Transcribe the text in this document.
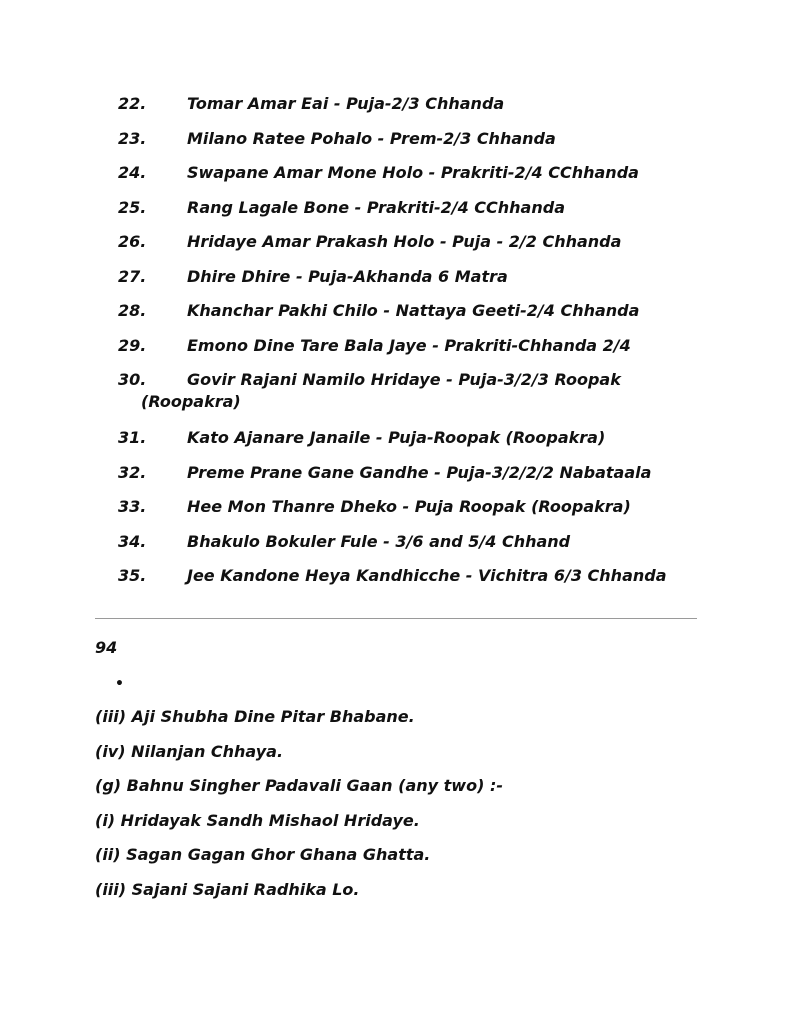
22.	Tomar Amar Eai - Puja-2/3 Chhanda
23.	Milano Ratee Pohalo - Prem-2/3 Chhanda
24.	Swapane Amar Mone Holo - Prakriti-2/4 CChhanda
25.	Rang Lagale Bone - Prakriti-2/4 CChhanda
26.	Hridaye Amar Prakash Holo - Puja - 2/2 Chhanda
27.	Dhire Dhire - Puja-Akhanda 6 Matra
28.	Khanchar Pakhi Chilo - Nattaya Geeti-2/4 Chhanda
29.	Emono Dine Tare Bala Jaye - Prakriti-Chhanda 2/4
30.	Govir Rajani Namilo Hridaye - Puja-3/2/3 Roopak
(Roopakra)
31.	Kato Ajanare Janaile - Puja-Roopak (Roopakra)
32.	Preme Prane Gane Gandhe - Puja-3/2/2/2 Nabataala
33.	Hee Mon Thanre Dheko - Puja Roopak (Roopakra)
34.	Bhakulo Bokuler Fule - 3/6 and 5/4 Chhand
35.	Jee Kandone Heya Kandhicche - Vichitra 6/3 Chhanda
94
•
(iii) Aji Shubha Dine Pitar Bhabane.
(iv) Nilanjan Chhaya.
(g) Bahnu Singher Padavali Gaan (any two) :-
(i) Hridayak Sandh Mishaol Hridaye.
(ii) Sagan Gagan Ghor Ghana Ghatta.
(iii) Sajani Sajani Radhika Lo.
